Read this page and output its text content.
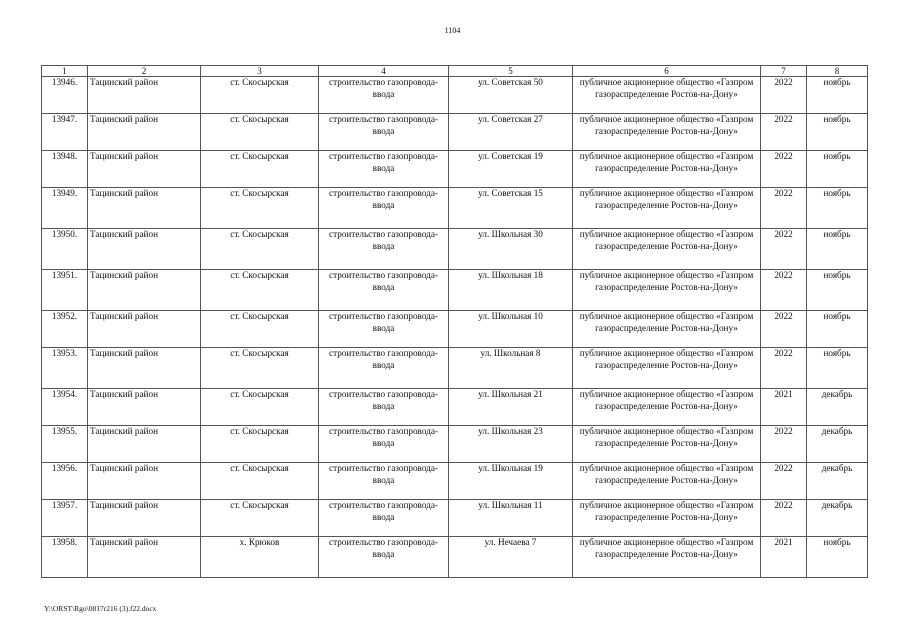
1104
1	2	3	4	5	6	7	8
13946.	Тацинский район	ст. Скосырская	строительство газопровода-ввода	ул. Советская 50	публичное акционерное общество «Газпром газораспределение Ростов-на-Дону»	2022	ноябрь
13947.	Тацинский район	ст. Скосырская	строительство газопровода-ввода	ул. Советская 27	публичное акционерное общество «Газпром газораспределение Ростов-на-Дону»	2022	ноябрь
13948.	Тацинский район	ст. Скосырская	строительство газопровода-ввода	ул. Советская 19	публичное акционерное общество «Газпром газораспределение Ростов-на-Дону»	2022	ноябрь
13949.	Тацинский район	ст. Скосырская	строительство газопровода-ввода	ул. Советская 15	публичное акционерное общество «Газпром газораспределение Ростов-на-Дону»	2022	ноябрь
13950.	Тацинский район	ст. Скосырская	строительство газопровода-ввода	ул. Школьная 30	публичное акционерное общество «Газпром газораспределение Ростов-на-Дону»	2022	ноябрь
13951.	Тацинский район	ст. Скосырская	строительство газопровода-ввода	ул. Школьная 18	публичное акционерное общество «Газпром газораспределение Ростов-на-Дону»	2022	ноябрь
13952.	Тацинский район	ст. Скосырская	строительство газопровода-ввода	ул. Школьная 10	публичное акционерное общество «Газпром газораспределение Ростов-на-Дону»	2022	ноябрь
13953.	Тацинский район	ст. Скосырская	строительство газопровода-ввода	ул. Школьная 8	публичное акционерное общество «Газпром газораспределение Ростов-на-Дону»	2022	ноябрь
13954.	Тацинский район	ст. Скосырская	строительство газопровода-ввода	ул. Школьная 21	публичное акционерное общество «Газпром газораспределение Ростов-на-Дону»	2021	декабрь
13955.	Тацинский район	ст. Скосырская	строительство газопровода-ввода	ул. Школьная 23	публичное акционерное общество «Газпром газораспределение Ростов-на-Дону»	2022	декабрь
13956.	Тацинский район	ст. Скосырская	строительство газопровода-ввода	ул. Школьная 19	публичное акционерное общество «Газпром газораспределение Ростов-на-Дону»	2022	декабрь
13957.	Тацинский район	ст. Скосырская	строительство газопровода-ввода	ул. Школьная 11	публичное акционерное общество «Газпром газораспределение Ростов-на-Дону»	2022	декабрь
13958.	Тацинский район	х. Крюков	строительство газопровода-ввода	ул. Нечаева 7	публичное акционерное общество «Газпром газораспределение Ростов-на-Дону»	2021	ноябрь
Y:\ORST\Rgo\0817r216 (3).f22.docx
